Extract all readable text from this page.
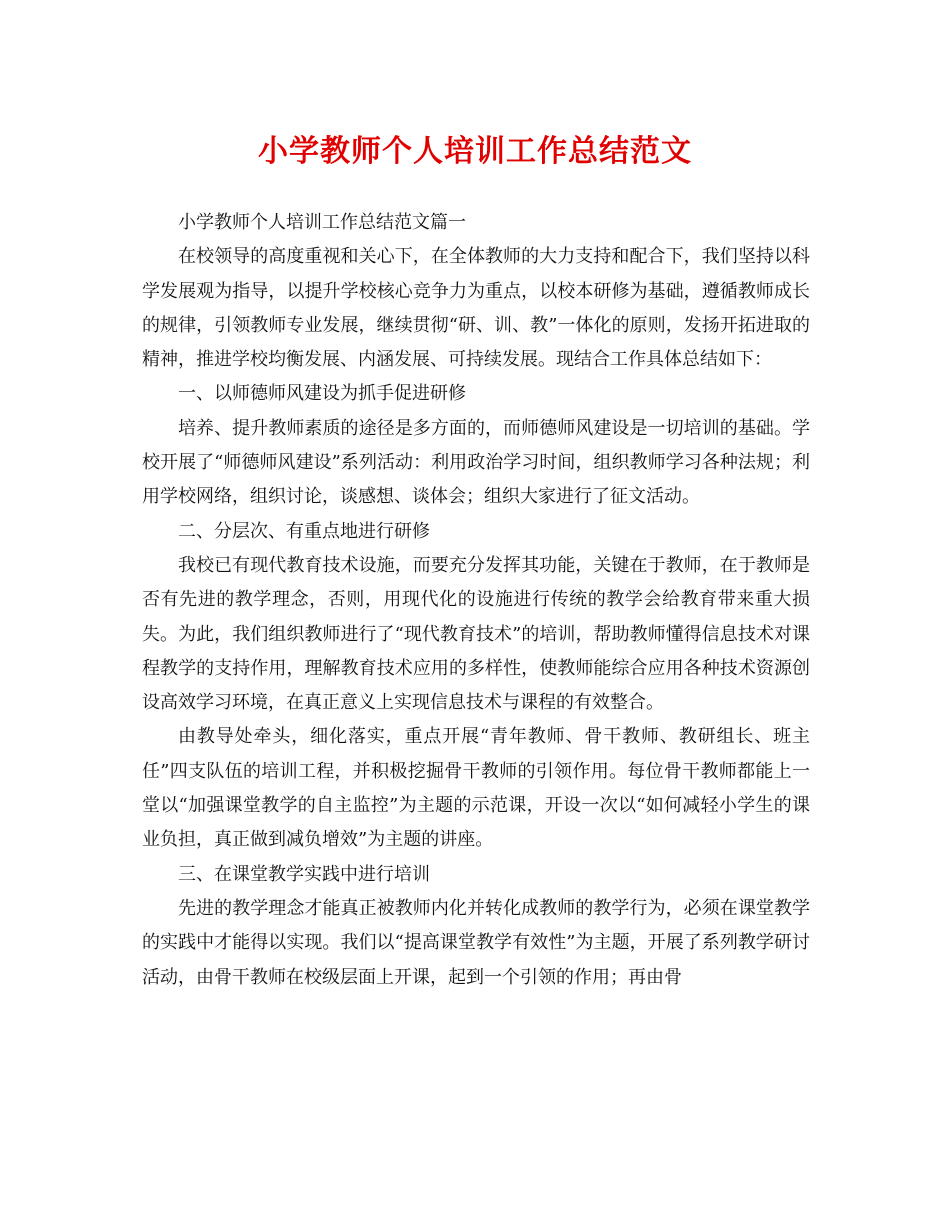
小学教师个人培训工作总结范文

小学教师个人培训工作总结范文篇一

在校领导的高度重视和关心下，在全体教师的大力支持和配合下，我们坚持以科学发展观为指导，以提升学校核心竞争力为重点，以校本研修为基础，遵循教师成长的规律，引领教师专业发展，继续贯彻“研、训、教”一体化的原则，发扬开拓进取的精神，推进学校均衡发展、内涵发展、可持续发展。现结合工作具体总结如下：

一、以师德师风建设为抓手促进研修

培养、提升教师素质的途径是多方面的，而师德师风建设是一切培训的基础。学校开展了“师德师风建设”系列活动：利用政治学习时间，组织教师学习各种法规；利用学校网络，组织讨论，谈感想、谈体会；组织大家进行了征文活动。

二、分层次、有重点地进行研修

我校已有现代教育技术设施，而要充分发挥其功能，关键在于教师，在于教师是否有先进的教学理念，否则，用现代化的设施进行传统的教学会给教育带来重大损失。为此，我们组织教师进行了“现代教育技术”的培训，帮助教师懂得信息技术对课程教学的支持作用，理解教育技术应用的多样性，使教师能综合应用各种技术资源创设高效学习环境，在真正意义上实现信息技术与课程的有效整合。

由教导处牵头，细化落实，重点开展“青年教师、骨干教师、教研组长、班主任”四支队伍的培训工程，并积极挖掘骨干教师的引领作用。每位骨干教师都能上一堂以“加强课堂教学的自主监控”为主题的示范课，开设一次以“如何减轻小学生的课业负担，真正做到减负增效”为主题的讲座。

三、在课堂教学实践中进行培训

先进的教学理念才能真正被教师内化并转化成教师的教学行为，必须在课堂教学的实践中才能得以实现。我们以“提高课堂教学有效性”为主题，开展了系列教学研讨活动，由骨干教师在校级层面上开课，起到一个引领的作用；再由骨
